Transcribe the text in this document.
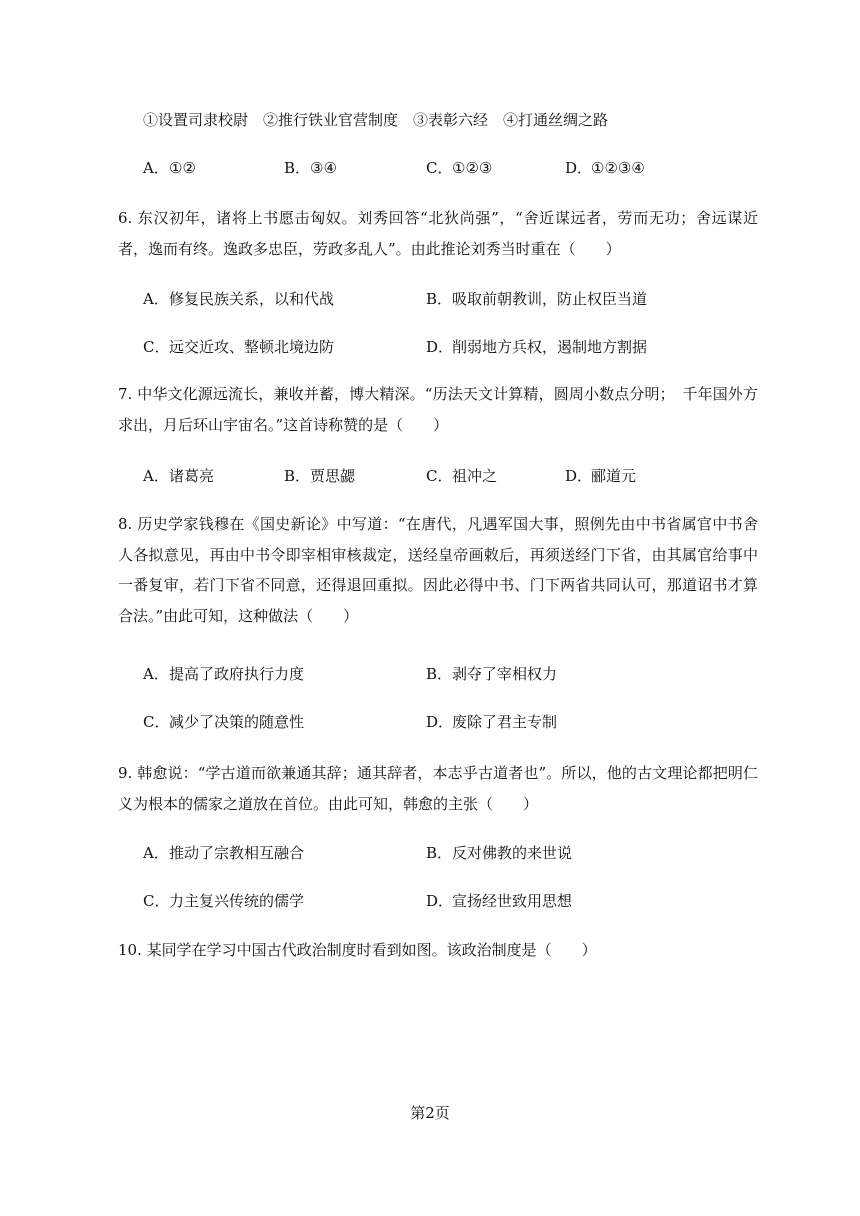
①设置司隶校尉　②推行铁业官营制度　③表彰六经　④打通丝绸之路
A．①②	B．③④	C．①②③	D．①②③④
6. 东汉初年，诸将上书愿击匈奴。刘秀回答“北狄尚强”，“舍近谋远者，劳而无功；舍远谋近者，逸而有终。逸政多忠臣，劳政多乱人”。由此推论刘秀当时重在（　　）
A．修复民族关系，以和代战	B．吸取前朝教训，防止权臣当道
C．远交近攻、整顿北境边防	D．削弱地方兵权，遏制地方割据
7. 中华文化源远流长，兼收并蓄，博大精深。“历法天文计算精，圆周小数点分明；　千年国外方求出，月后环山宇宙名。”这首诗称赞的是（　　）
A．诸葛亮	B．贾思勰	C．祖冲之	D．郦道元
8. 历史学家钱穆在《国史新论》中写道：“在唐代，凡遇军国大事，照例先由中书省属官中书舍人各拟意见，再由中书令即宰相审核裁定，送经皇帝画敕后，再须送经门下省，由其属官给事中一番复审，若门下省不同意，还得退回重拟。因此必得中书、门下两省共同认可，那道诏书才算合法。”由此可知，这种做法（　　）
A．提高了政府执行力度	B．剥夺了宰相权力
C．减少了决策的随意性	D．废除了君主专制
9. 韩愈说：“学古道而欲兼通其辞；通其辞者，本志乎古道者也”。所以，他的古文理论都把明仁义为根本的儒家之道放在首位。由此可知，韩愈的主张（　　）
A．推动了宗教相互融合	B．反对佛教的来世说
C．力主复兴传统的儒学	D．宣扬经世致用思想
10. 某同学在学习中国古代政治制度时看到如图。该政治制度是（　　）
第2页
